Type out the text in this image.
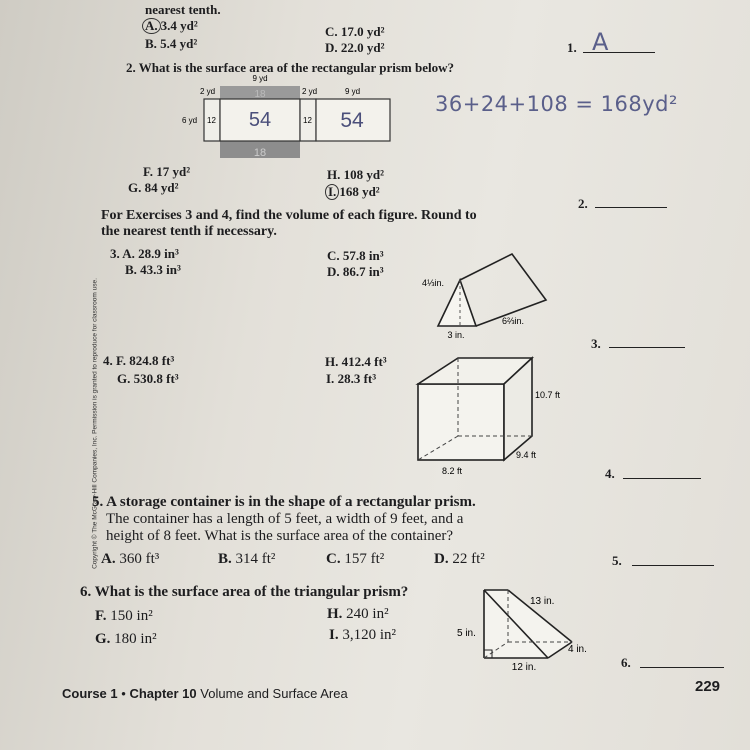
nearest tenth.
A. 3.4 yd²
B. 5.4 yd²
C. 17.0 yd²
D. 22.0 yd²	1. A
2. What is the surface area of the rectangular prism below?
9 yd
2 yd	18	2 yd	9 yd
6 yd 12 54	12 54
18
36+24+108 = 168yd²
F. 17 yd²
G. 84 yd²
H. 108 yd²
I. 168 yd²
2.
For Exercises 3 and 4, find the volume of each figure. Round to
the nearest tenth if necessary.
3. A. 28.9 in³
B. 43.3 in³
C. 57.8 in³
D. 86.7 in³
4⅓in.
3 in.
6⅔in.
3.
4. F. 824.8 ft³
G. 530.8 ft³
H. 412.4 ft³
I. 28.3 ft³
10.7 ft
9.4 ft
8.2 ft	4.
5. A storage container is in the shape of a rectangular prism.
The container has a length of 5 feet, a width of 9 feet, and a
height of 8 feet. What is the surface area of the container?
A. 360 ft³	B. 314 ft²	C. 157 ft²	D. 22 ft²	5.
6. What is the surface area of the triangular prism?
F. 150 in²
G. 180 in²
H. 240 in²
I. 3,120 in²
13 in.
5 in.
4 in.
12 in.	6.
Copyright © The McGraw-Hill Companies, Inc. Permission is granted to reproduce for classroom use.
Course 1 • Chapter 10 Volume and Surface Area	229
